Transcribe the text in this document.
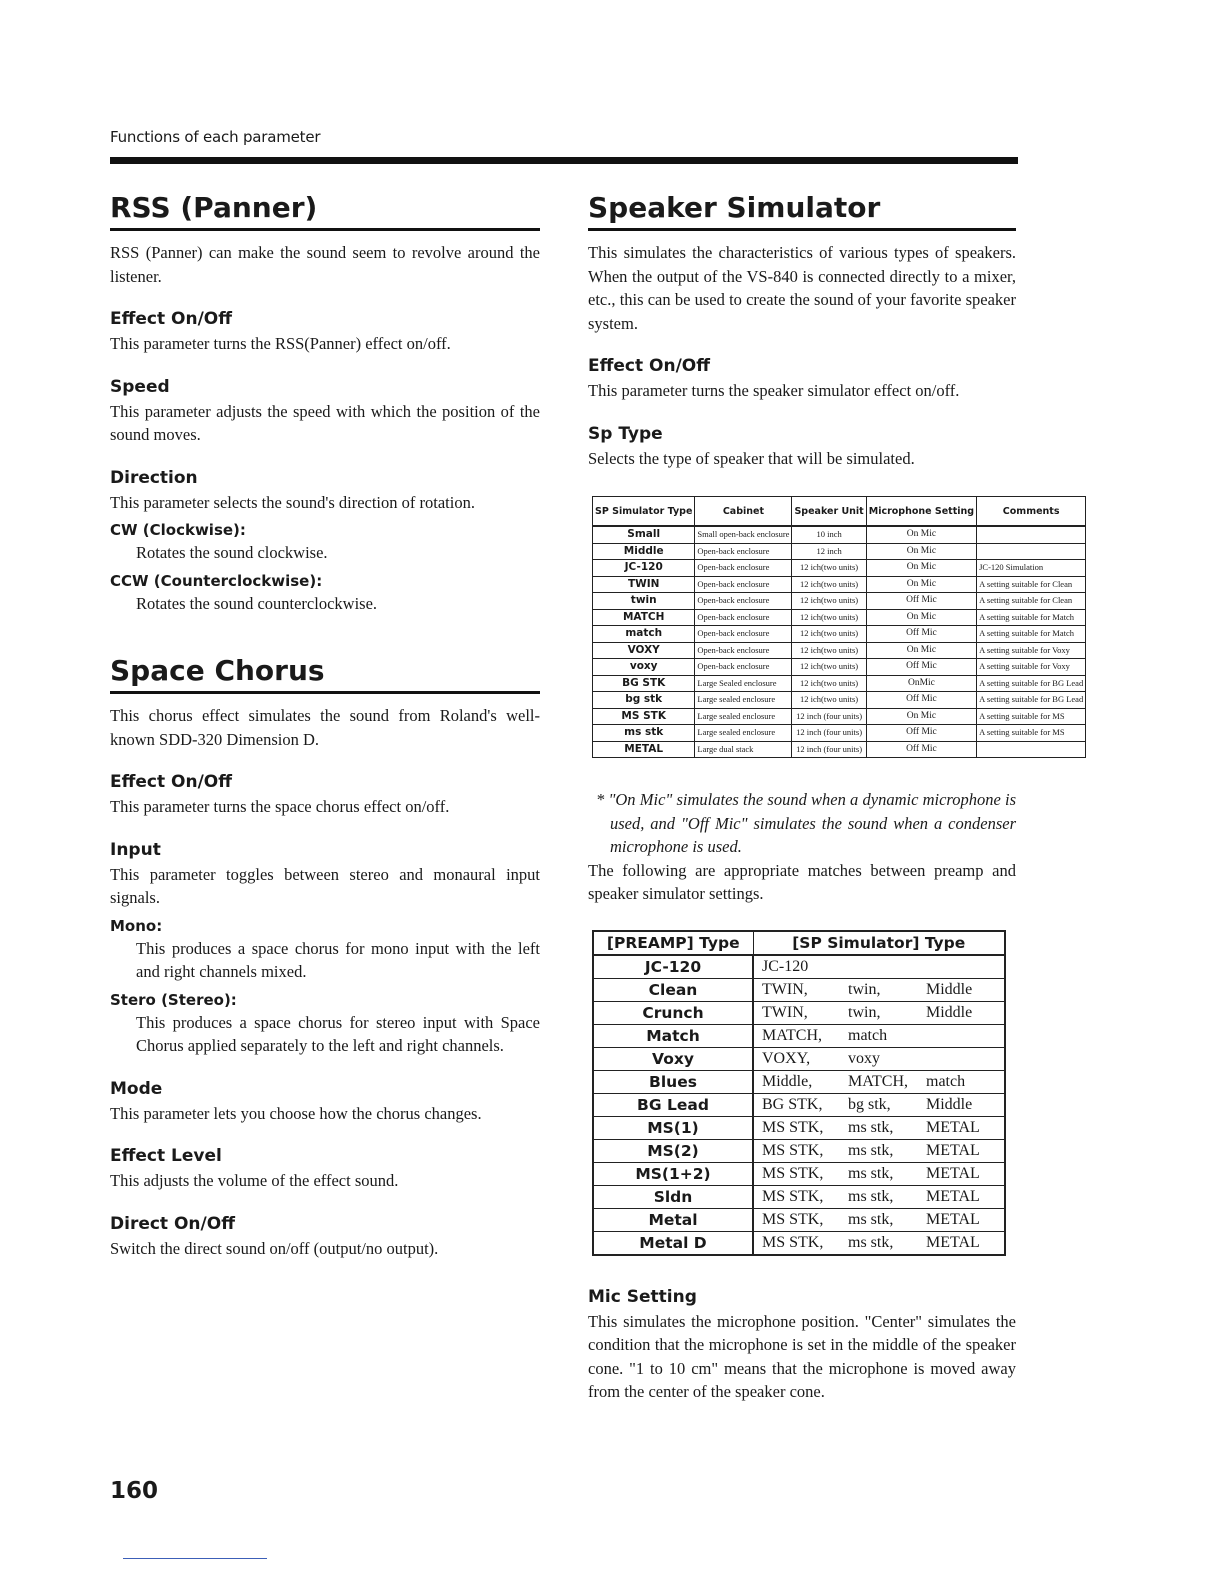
Functions of each parameter
RSS (Panner)

RSS (Panner) can make the sound seem to revolve around the listener.

Effect On/Off

This parameter turns the RSS(Panner) effect on/off.

Speed

This parameter adjusts the speed with which the position of the sound moves.

Direction

This parameter selects the sound's direction of rotation.

CW (Clockwise):

Rotates the sound clockwise.

CCW (Counterclockwise):

Rotates the sound counterclockwise.

Space Chorus

This chorus effect simulates the sound from Roland's well-known SDD-320 Dimension D.

Effect On/Off

This parameter turns the space chorus effect on/off.

Input

This parameter toggles between stereo and monaural input signals.

Mono:

This produces a space chorus for mono input with the left and right channels mixed.

Stero (Stereo):

This produces a space chorus for stereo input with Space Chorus applied separately to the left and right channels.

Mode

This parameter lets you choose how the chorus changes.

Effect Level

This adjusts the volume of the effect sound.

Direct On/Off

Switch the direct sound on/off (output/no output).

Speaker Simulator

This simulates the characteristics of various types of speakers. When the output of the VS-840 is connected directly to a mixer, etc., this can be used to create the sound of your favorite speaker system.

Effect On/Off

This parameter turns the speaker simulator effect on/off.

Sp Type

Selects the type of speaker that will be simulated.

SP Simulator Type	Cabinet	Speaker Unit	Microphone Setting	Comments
Small	Small open-back enclosure	10 inch	On Mic	
Middle	Open-back enclosure	12 inch	On Mic	
JC-120	Open-back enclosure	12 ich(two units)	On Mic	JC-120 Simulation
TWIN	Open-back enclosure	12 ich(two units)	On Mic	A setting suitable for Clean
twin	Open-back enclosure	12 ich(two units)	Off Mic	A setting suitable for Clean
MATCH	Open-back enclosure	12 ich(two units)	On Mic	A setting suitable for Match
match	Open-back enclosure	12 ich(two units)	Off Mic	A setting suitable for Match
VOXY	Open-back enclosure	12 ich(two units)	On Mic	A setting suitable for Voxy
voxy	Open-back enclosure	12 ich(two units)	Off Mic	A setting suitable for Voxy
BG STK	Large Sealed enclosure	12 ich(two units)	OnMic	A setting suitable for BG Lead
bg stk	Large sealed enclosure	12 ich(two units)	Off Mic	A setting suitable for BG Lead
MS STK	Large sealed enclosure	12 inch (four units)	On Mic	A setting suitable for MS
ms stk	Large sealed enclosure	12 inch (four units)	Off Mic	A setting suitable for MS
METAL	Large dual stack	12 inch (four units)	Off Mic	

* "On Mic" simulates the sound when a dynamic microphone is used, and "Off Mic" simulates the sound when a condenser microphone is used.

The following are appropriate matches between preamp and speaker simulator settings.

[PREAMP] Type	[SP Simulator] Type
JC-120	JC-120
Clean	TWIN, twin, Middle
Crunch	TWIN, twin, Middle
Match	MATCH, match
Voxy	VOXY, voxy
Blues	Middle, MATCH, match
BG Lead	BG STK, bg stk, Middle
MS(1)	MS STK, ms stk, METAL
MS(2)	MS STK, ms stk, METAL
MS(1+2)	MS STK, ms stk, METAL
Sldn	MS STK, ms stk, METAL
Metal	MS STK, ms stk, METAL
Metal D	MS STK, ms stk, METAL
Mic Setting

This simulates the microphone position. "Center" simulates the condition that the microphone is set in the middle of the speaker cone. "1 to 10 cm" means that the microphone is moved away from the center of the speaker cone.

160
